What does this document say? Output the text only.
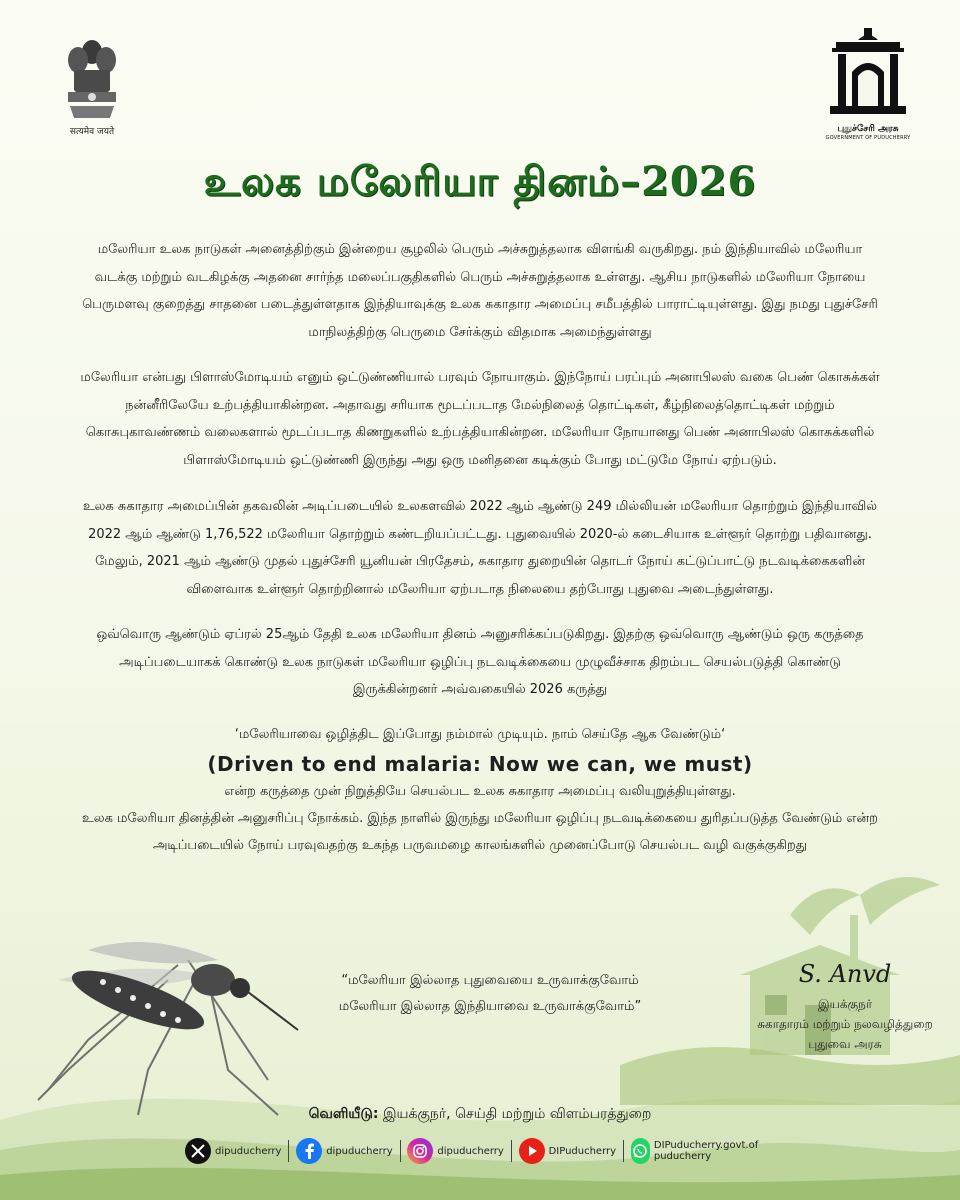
सत्यमेव जयते	புதுச்சேரி அரசு
GOVERNMENT OF PUDUCHERRY
உலக மலேரியா தினம்–2026

மலேரியா உலக நாடுகள் அனைத்திற்கும் இன்றைய சூழலில் பெரும் அச்சுறுத்தலாக விளங்கி வருகிறது. நம் இந்தியாவில் மலேரியா வடக்கு மற்றும் வடகிழக்கு அதனை சார்ந்த மலைப்பகுதிகளில் பெரும் அச்சுறுத்தலாக உள்ளது. ஆசிய நாடுகளில் மலேரியா நோயை பெருமளவு குறைத்து சாதனை படைத்துள்ளதாக இந்தியாவுக்கு உலக சுகாதார அமைப்பு சமீபத்தில் பாராட்டியுள்ளது. இது நமது புதுச்சேரி மாநிலத்திற்கு பெருமை சேர்க்கும் விதமாக அமைந்துள்ளது

மலேரியா என்பது பிளாஸ்மோடியம் எனும் ஒட்டுண்ணியால் பரவும் நோயாகும். இந்நோய் பரப்பும் அனாபிலஸ் வகை பெண் கொசுக்கள் நன்னீரிலேயே உற்பத்தியாகின்றன. அதாவது சரியாக மூடப்படாத மேல்நிலைத் தொட்டிகள், கீழ்நிலைத்தொட்டிகள் மற்றும் கொசுபுகாவண்ணம் வலைகளால் மூடப்படாத கிணறுகளில் உற்பத்தியாகின்றன. மலேரியா நோயானது பெண் அனாபிலஸ் கொசுக்களில் பிளாஸ்மோடியம் ஒட்டுண்ணி இருந்து அது ஒரு மனிதனை கடிக்கும் போது மட்டுமே நோய் ஏற்படும்.

உலக சுகாதார அமைப்பின் தகவலின் அடிப்படையில் உலகளவில் 2022 ஆம் ஆண்டு 249 மில்லியன் மலேரியா தொற்றும் இந்தியாவில் 2022 ஆம் ஆண்டு 1,76,522 மலேரியா தொற்றும் கண்டறியப்பட்டது. புதுவையில் 2020-ல் கடைசியாக உள்ளூர் தொற்று பதிவானது. மேலும், 2021 ஆம் ஆண்டு முதல் புதுச்சேரி யூனியன் பிரதேசம், சுகாதார துறையின் தொடர் நோய் கட்டுப்பாட்டு நடவடிக்கைகளின் விளைவாக உள்ளூர் தொற்றினால் மலேரியா ஏற்படாத நிலையை தற்போது புதுவை அடைந்துள்ளது.

ஒவ்வொரு ஆண்டும் ஏப்ரல் 25ஆம் தேதி உலக மலேரியா தினம் அனுசரிக்கப்படுகிறது. இதற்கு ஒவ்வொரு ஆண்டும் ஒரு கருத்தை அடிப்படையாகக் கொண்டு உலக நாடுகள் மலேரியா ஒழிப்பு நடவடிக்கையை முழுவீச்சாக திறம்பட செயல்படுத்தி கொண்டு இருக்கின்றனர் அவ்வகையில் 2026 கருத்து

‘மலேரியாவை ஒழித்திட இப்போது நம்மால் முடியும். நாம் செய்தே ஆக வேண்டும்‘
(Driven to end malaria: Now we can, we must)

என்ற கருத்தை முன் நிறுத்தியே செயல்பட உலக சுகாதார அமைப்பு வலியுறுத்தியுள்ளது.

உலக மலேரியா தினத்தின் அனுசரிப்பு நோக்கம். இந்த நாளில் இருந்து மலேரியா ஒழிப்பு நடவடிக்கையை துரிதப்படுத்த வேண்டும் என்ற அடிப்படையில் நோய் பரவுவதற்கு உகந்த பருவமழை காலங்களில் முனைப்போடு செயல்பட வழி வகுக்குகிறது

“மலேரியா இல்லாத புதுவையை உருவாக்குவோம்
மலேரியா இல்லாத இந்தியாவை உருவாக்குவோம்”
S. Anvd
இயக்குநர்
சுகாதாரம் மற்றும் நலவழித்துறை
புதுவை அரசு
வெளியீடு: இயக்குநர், செய்தி மற்றும் விளம்பரத்துறை
dipuducherry	dipuducherry	dipuducherry	DIPuducherry	DIPuducherry.govt.of puducherry
